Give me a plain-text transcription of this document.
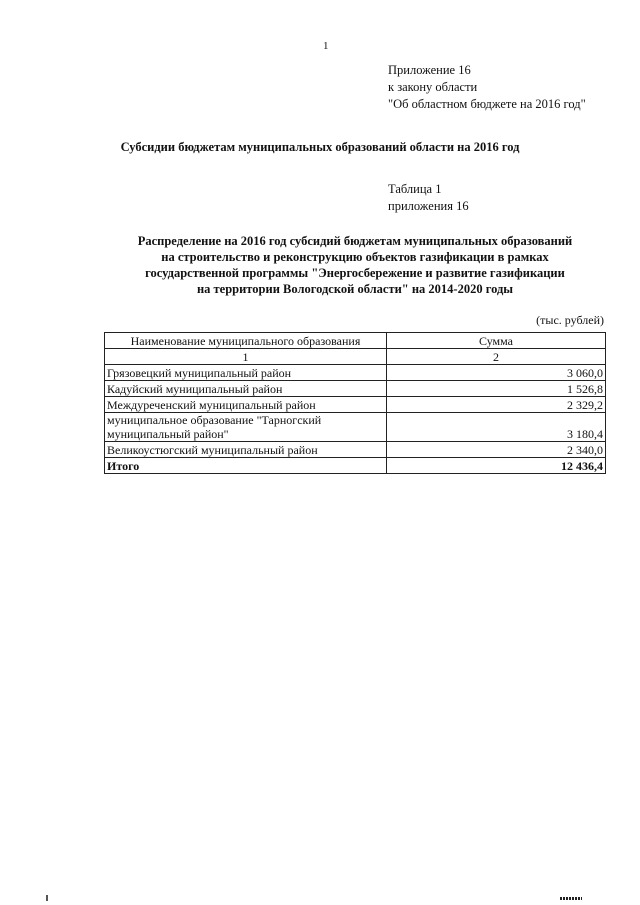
1
Приложение 16
к закону области
"Об областном бюджете на 2016 год"
Субсидии бюджетам муниципальных образований области на 2016 год
Таблица 1
приложения 16
Распределение на 2016 год субсидий бюджетам муниципальных образований
на строительство и реконструкцию объектов газификации в рамках
государственной программы "Энергосбережение и развитие газификации
на территории Вологодской области" на 2014-2020 годы
(тыс. рублей)
Наименование муниципального образования	Сумма
1	2
Грязовецкий муниципальный район	3 060,0
Кадуйский муниципальный район	1 526,8
Междуреченский муниципальный район	2 329,2

муниципальное образование "Тарногский
муниципальный район"	3 180,4
Великоустюгский муниципальный район	2 340,0
Итого	12 436,4
